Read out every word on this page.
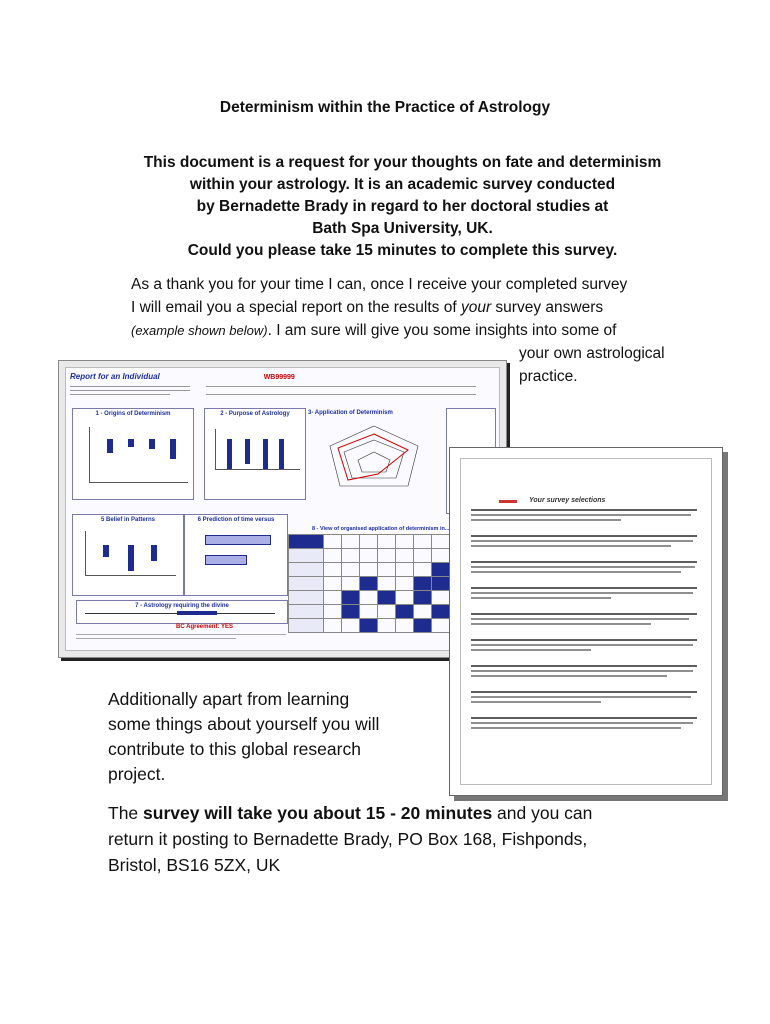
Determinism within the Practice of Astrology
This document is a request for your thoughts on fate and determinism
within your astrology. It is an academic survey conducted
by Bernadette Brady in regard to her doctoral studies at
Bath Spa University, UK.
Could you please take 15 minutes to complete this survey.
As a thank you for your time I can, once I receive your completed survey
I will email you a special report on the results of your survey answers
(example shown below). I am sure will give you some insights into some of
your own astrological
practice.
Report for an Individual	WB99999
1 - Origins of Determinism	2 - Purpose of Astrology	3- Application of Determinism
5 Belief in Patterns	6 Prediction of time versus
8 - View of organised application of determinism in...

7 - Astrology requiring the divine
BC Agreement: YES
Your survey selections
Additionally apart from learning
some things about yourself you will
contribute to this global research
project.
The survey will take you about 15 - 20 minutes and you can
return it posting to Bernadette Brady, PO Box 168, Fishponds,
Bristol, BS16 5ZX, UK
